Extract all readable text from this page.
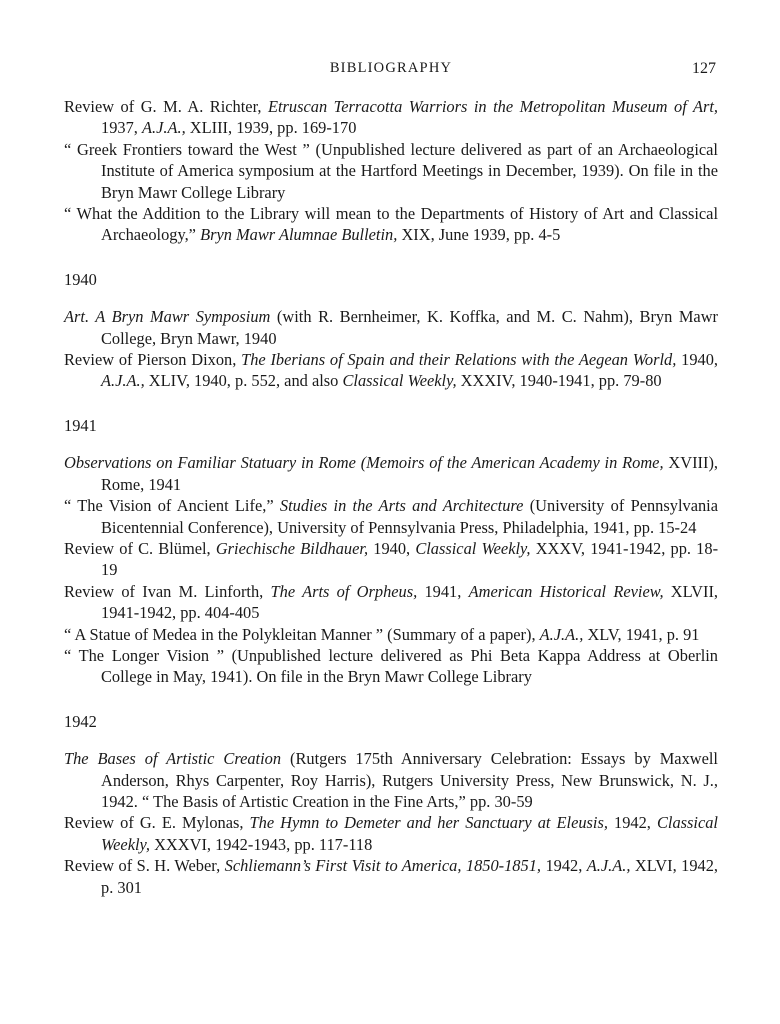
BIBLIOGRAPHY	127
Review of G. M. A. Richter, Etruscan Terracotta Warriors in the Metropolitan Museum of Art, 1937, A.J.A., XLIII, 1939, pp. 169-170
“ Greek Frontiers toward the West ” (Unpublished lecture delivered as part of an Archaeological Institute of America symposium at the Hartford Meetings in December, 1939). On file in the Bryn Mawr College Library
“ What the Addition to the Library will mean to the Departments of History of Art and Classical Archaeology,” Bryn Mawr Alumnae Bulletin, XIX, June 1939, pp. 4-5
1940
Art. A Bryn Mawr Symposium (with R. Bernheimer, K. Koffka, and M. C. Nahm), Bryn Mawr College, Bryn Mawr, 1940
Review of Pierson Dixon, The Iberians of Spain and their Relations with the Aegean World, 1940, A.J.A., XLIV, 1940, p. 552, and also Classical Weekly, XXXIV, 1940-1941, pp. 79-80
1941
Observations on Familiar Statuary in Rome (Memoirs of the American Academy in Rome, XVIII), Rome, 1941
“ The Vision of Ancient Life,” Studies in the Arts and Architecture (University of Pennsylvania Bicentennial Conference), University of Pennsylvania Press, Philadelphia, 1941, pp. 15-24
Review of C. Blümel, Griechische Bildhauer, 1940, Classical Weekly, XXXV, 1941-1942, pp. 18-19
Review of Ivan M. Linforth, The Arts of Orpheus, 1941, American Historical Review, XLVII, 1941-1942, pp. 404-405
“ A Statue of Medea in the Polykleitan Manner ” (Summary of a paper), A.J.A., XLV, 1941, p. 91
“ The Longer Vision ” (Unpublished lecture delivered as Phi Beta Kappa Address at Oberlin College in May, 1941). On file in the Bryn Mawr College Library
1942
The Bases of Artistic Creation (Rutgers 175th Anniversary Celebration: Essays by Maxwell Anderson, Rhys Carpenter, Roy Harris), Rutgers University Press, New Brunswick, N. J., 1942. “ The Basis of Artistic Creation in the Fine Arts,” pp. 30-59
Review of G. E. Mylonas, The Hymn to Demeter and her Sanctuary at Eleusis, 1942, Classical Weekly, XXXVI, 1942-1943, pp. 117-118
Review of S. H. Weber, Schliemann’s First Visit to America, 1850-1851, 1942, A.J.A., XLVI, 1942, p. 301
